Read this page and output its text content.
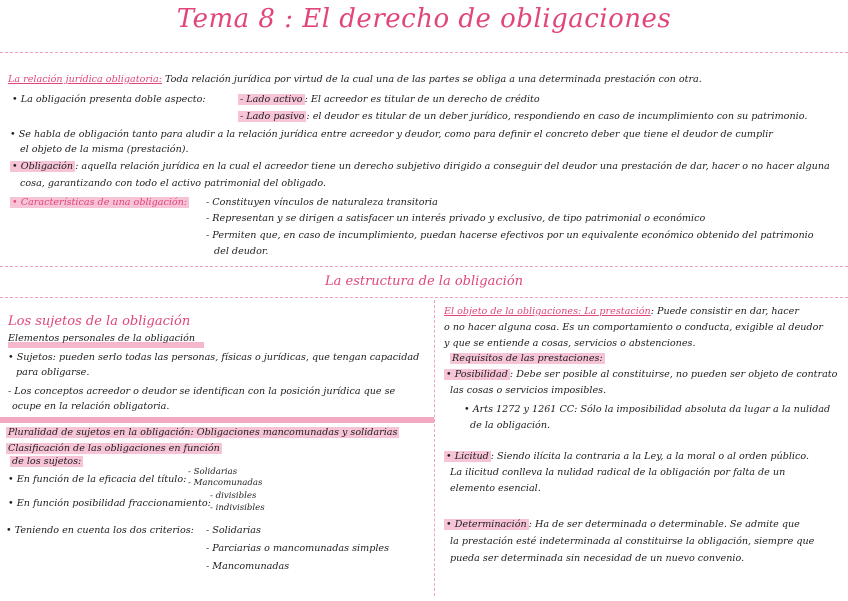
Tema 8 : El derecho de obligaciones
La relación jurídica obligatoria: Toda relación jurídica por virtud de la cual una de las partes se obliga a una determinada prestación con otra.
• La obligación presenta doble aspecto:	- Lado activo : El acreedor es titular de un derecho de crédito
- Lado pasivo : el deudor es titular de un deber jurídico, respondiendo en caso de incumplimiento con su patrimonio.
• Se habla de obligación tanto para aludir a la relación jurídica entre acreedor y deudor, como para definir el concreto deber que tiene el deudor de cumplir
el objeto de la misma (prestación).
• Obligación : aquella relación jurídica en la cual el acreedor tiene un derecho subjetivo dirigido a conseguir del deudor una prestación de dar, hacer o no hacer alguna
cosa, garantizando con todo el activo patrimonial del obligado.
• Características de una obligación: - Constituyen vínculos de naturaleza transitoria
- Representan y se dirigen a satisfacer un interés privado y exclusivo, de tipo patrimonial o económico
- Permiten que, en caso de incumplimiento, puedan hacerse efectivos por un equivalente económico obtenido del patrimonio
del deudor.
La estructura de la obligación
Los sujetos de la obligación
Elementos personales de la obligación
• Sujetos: pueden serlo todas las personas, físicas o jurídicas, que tengan capacidad
para obligarse.
- Los conceptos acreedor o deudor se identifican con la posición jurídica que se
ocupe en la relación obligatoria.
Pluralidad de sujetos en la obligación: Obligaciones mancomunadas y solidarias
Clasificación de las obligaciones en función
de los sujetos:
• En función de la eficacia del título:
- Solidarias
- Mancomunadas
• En función posibilidad fraccionamiento:
- divisibles
- indivisibles
• Teniendo en cuenta los dos criterios: - Solidarias
- Parciarias o mancomunadas simples
- Mancomunadas
El objeto de la obligaciones: La prestación: Puede consistir en dar, hacer
o no hacer alguna cosa. Es un comportamiento o conducta, exigible al deudor
y que se entiende a cosas, servicios o abstenciones.
Requisitos de las prestaciones:
• Posibilidad : Debe ser posible al constituirse, no pueden ser objeto de contrato
las cosas o servicios imposibles.
• Arts 1272 y 1261 CC: Sólo la imposibilidad absoluta da lugar a la nulidad
de la obligación.
• Licitud : Siendo ilícita la contraria a la Ley, a la moral o al orden público.
La ilicitud conlleva la nulidad radical de la obligación por falta de un
elemento esencial.
• Determinación : Ha de ser determinada o determinable. Se admite que
la prestación esté indeterminada al constituirse la obligación, siempre que
pueda ser determinada sin necesidad de un nuevo convenio.
